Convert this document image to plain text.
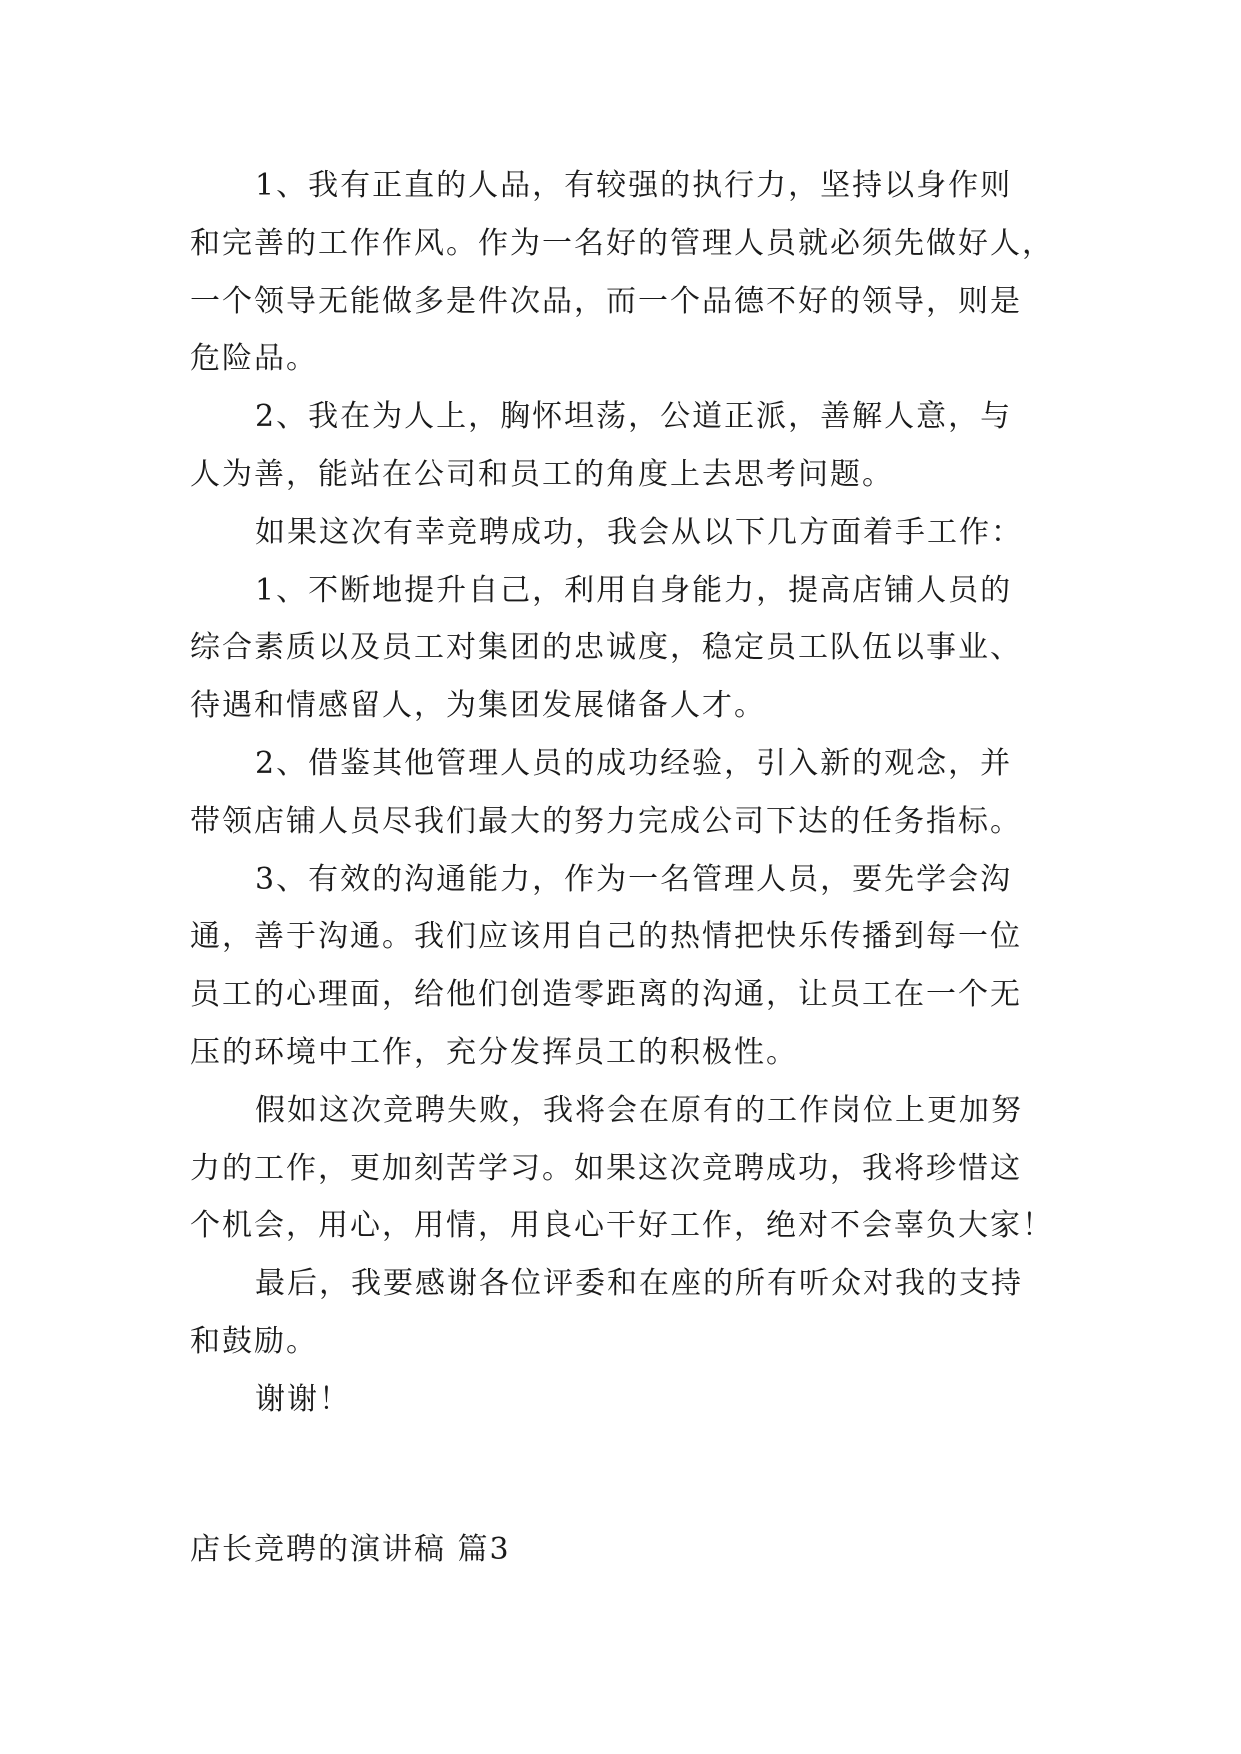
1、我有正直的人品，有较强的执行力，坚持以身作则
和完善的工作作风。作为一名好的管理人员就必须先做好人，
一个领导无能做多是件次品，而一个品德不好的领导，则是
危险品。
2、我在为人上，胸怀坦荡，公道正派，善解人意，与
人为善，能站在公司和员工的角度上去思考问题。
如果这次有幸竞聘成功，我会从以下几方面着手工作：
1、不断地提升自己，利用自身能力，提高店铺人员的
综合素质以及员工对集团的忠诚度，稳定员工队伍以事业、
待遇和情感留人，为集团发展储备人才。
2、借鉴其他管理人员的成功经验，引入新的观念，并
带领店铺人员尽我们最大的努力完成公司下达的任务指标。
3、有效的沟通能力，作为一名管理人员，要先学会沟
通，善于沟通。我们应该用自己的热情把快乐传播到每一位
员工的心理面，给他们创造零距离的沟通，让员工在一个无
压的环境中工作，充分发挥员工的积极性。
假如这次竞聘失败，我将会在原有的工作岗位上更加努
力的工作，更加刻苦学习。如果这次竞聘成功，我将珍惜这
个机会，用心，用情，用良心干好工作，绝对不会辜负大家！
最后，我要感谢各位评委和在座的所有听众对我的支持
和鼓励。
谢谢！
店长竞聘的演讲稿 篇3
